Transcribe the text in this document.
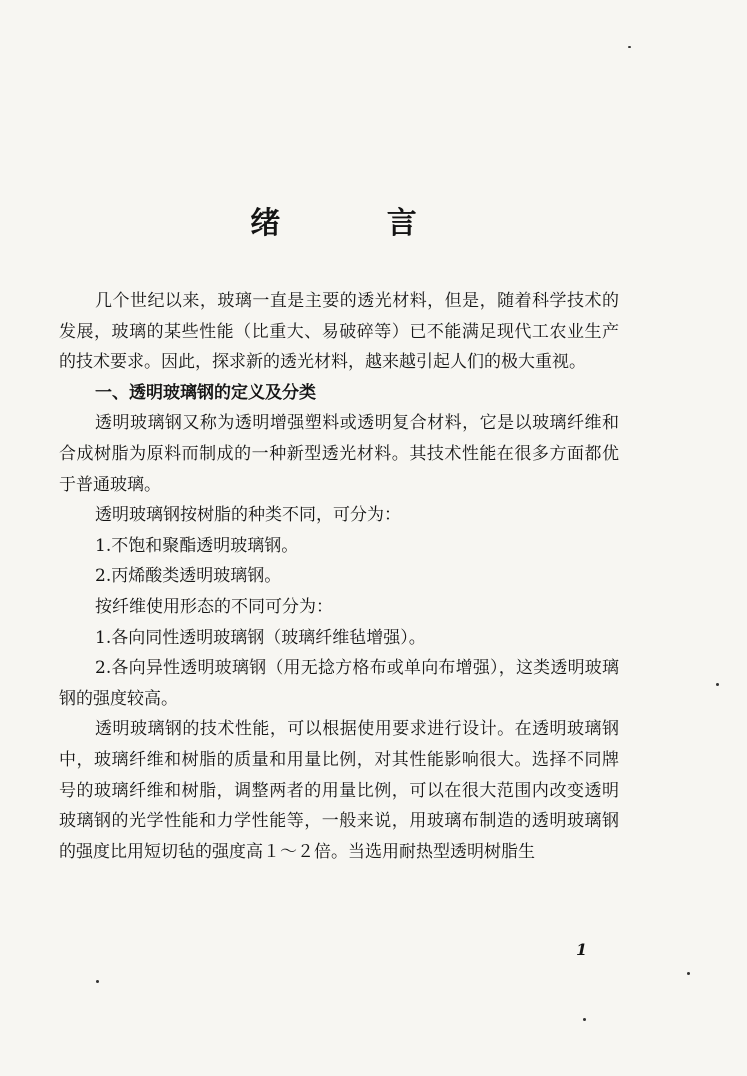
绪 言

几个世纪以来，玻璃一直是主要的透光材料，但是，随着科学技术的发展，玻璃的某些性能（比重大、易破碎等）已不能满足现代工农业生产的技术要求。因此，探求新的透光材料，越来越引起人们的极大重视。

一、透明玻璃钢的定义及分类

透明玻璃钢又称为透明增强塑料或透明复合材料，它是以玻璃纤维和合成树脂为原料而制成的一种新型透光材料。其技术性能在很多方面都优于普通玻璃。

透明玻璃钢按树脂的种类不同，可分为：

1.不饱和聚酯透明玻璃钢。

2.丙烯酸类透明玻璃钢。

按纤维使用形态的不同可分为：

1.各向同性透明玻璃钢（玻璃纤维毡增强）。

2.各向异性透明玻璃钢（用无捻方格布或单向布增强），这类透明玻璃钢的强度较高。

透明玻璃钢的技术性能，可以根据使用要求进行设计。在透明玻璃钢中，玻璃纤维和树脂的质量和用量比例，对其性能影响很大。选择不同牌号的玻璃纤维和树脂，调整两者的用量比例，可以在很大范围内改变透明玻璃钢的光学性能和力学性能等，一般来说，用玻璃布制造的透明玻璃钢的强度比用短切毡的强度高１～２倍。当选用耐热型透明树脂生

1
